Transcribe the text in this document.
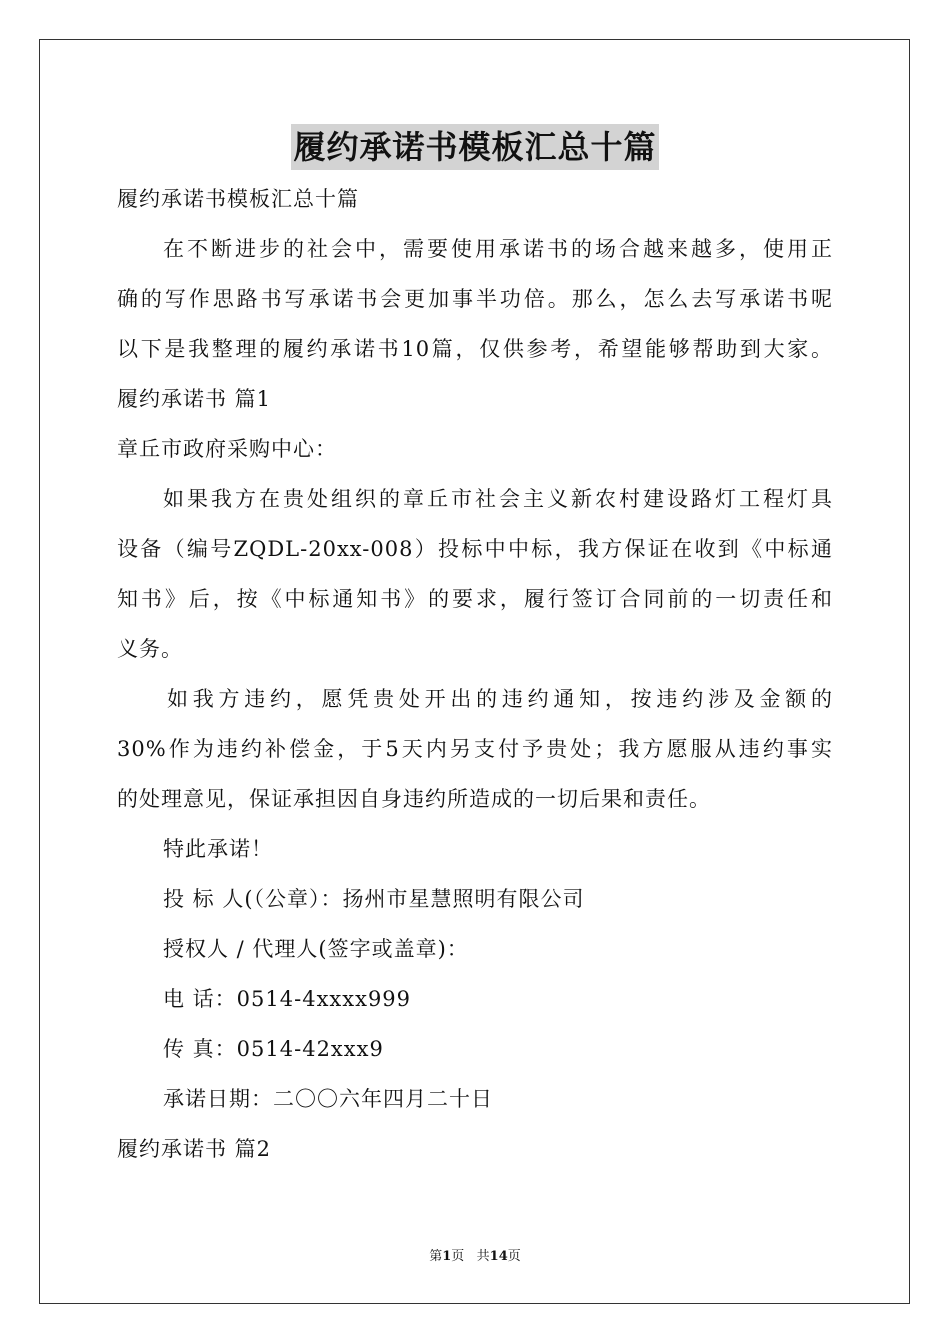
履约承诺书模板汇总十篇
履约承诺书模板汇总十篇
在不断进步的社会中，需要使用承诺书的场合越来越多，使用正
确的写作思路书写承诺书会更加事半功倍。那么，怎么去写承诺书呢
以下是我整理的履约承诺书10篇，仅供参考，希望能够帮助到大家。
履约承诺书 篇1
章丘市政府采购中心：
如果我方在贵处组织的章丘市社会主义新农村建设路灯工程灯具
设备（编号ZQDL-20xx-008）投标中中标，我方保证在收到《中标通
知书》后，按《中标通知书》的要求，履行签订合同前的一切责任和
义务。
如我方违约，愿凭贵处开出的违约通知，按违约涉及金额的
30%作为违约补偿金，于5天内另支付予贵处；我方愿服从违约事实
的处理意见，保证承担因自身违约所造成的一切后果和责任。
特此承诺！
投 标 人(（公章）：扬州市星慧照明有限公司
授权人 / 代理人(签字或盖章)：
电 话：0514-4xxxx999
传 真：0514-42xxx9
承诺日期：二〇〇六年四月二十日
履约承诺书 篇2
第1页   共14页
